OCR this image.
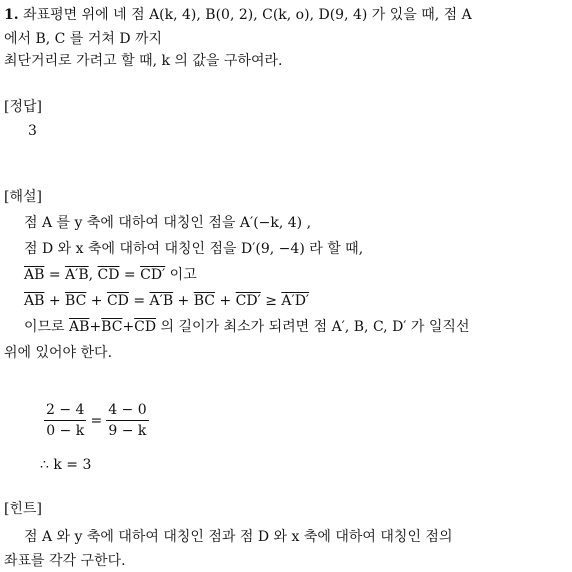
1. 좌표평면 위에 네 점 A(k, 4), B(0, 2), C(k, o), D(9, 4) 가 있을 때, 점 A
에서 B, C 를 거쳐 D 까지
최단거리로 가려고 할 때, k 의 값을 구하여라.
[정답]
3
[해설]
점 A 를 y 축에 대하여 대칭인 점을 A′(−k, 4) ,
점 D 와 x 축에 대하여 대칭인 점을 D′(9, −4) 라 할 때,
$\overline{AB} = A'B$, $\overline{CD} = CD'$ 이고
$\overline{AB} + \overline{BC} + \overline{CD} = A'B + \overline{BC} + CD' \ge A'D'$
이므로 $\overline{AB}+\overline{BC}+\overline{CD}$ 의 길이가 최소가 되려면 점 A′, B, C, D′ 가 일직선
위에 있어야 한다.
$\frac{2 - 4}{0 - k} = \frac{4 - 0}{9 - k}$
∴ k = 3
[힌트]
점 A 와 y 축에 대하여 대칭인 점과 점 D 와 x 축에 대하여 대칭인 점의
좌표를 각각 구한다.
